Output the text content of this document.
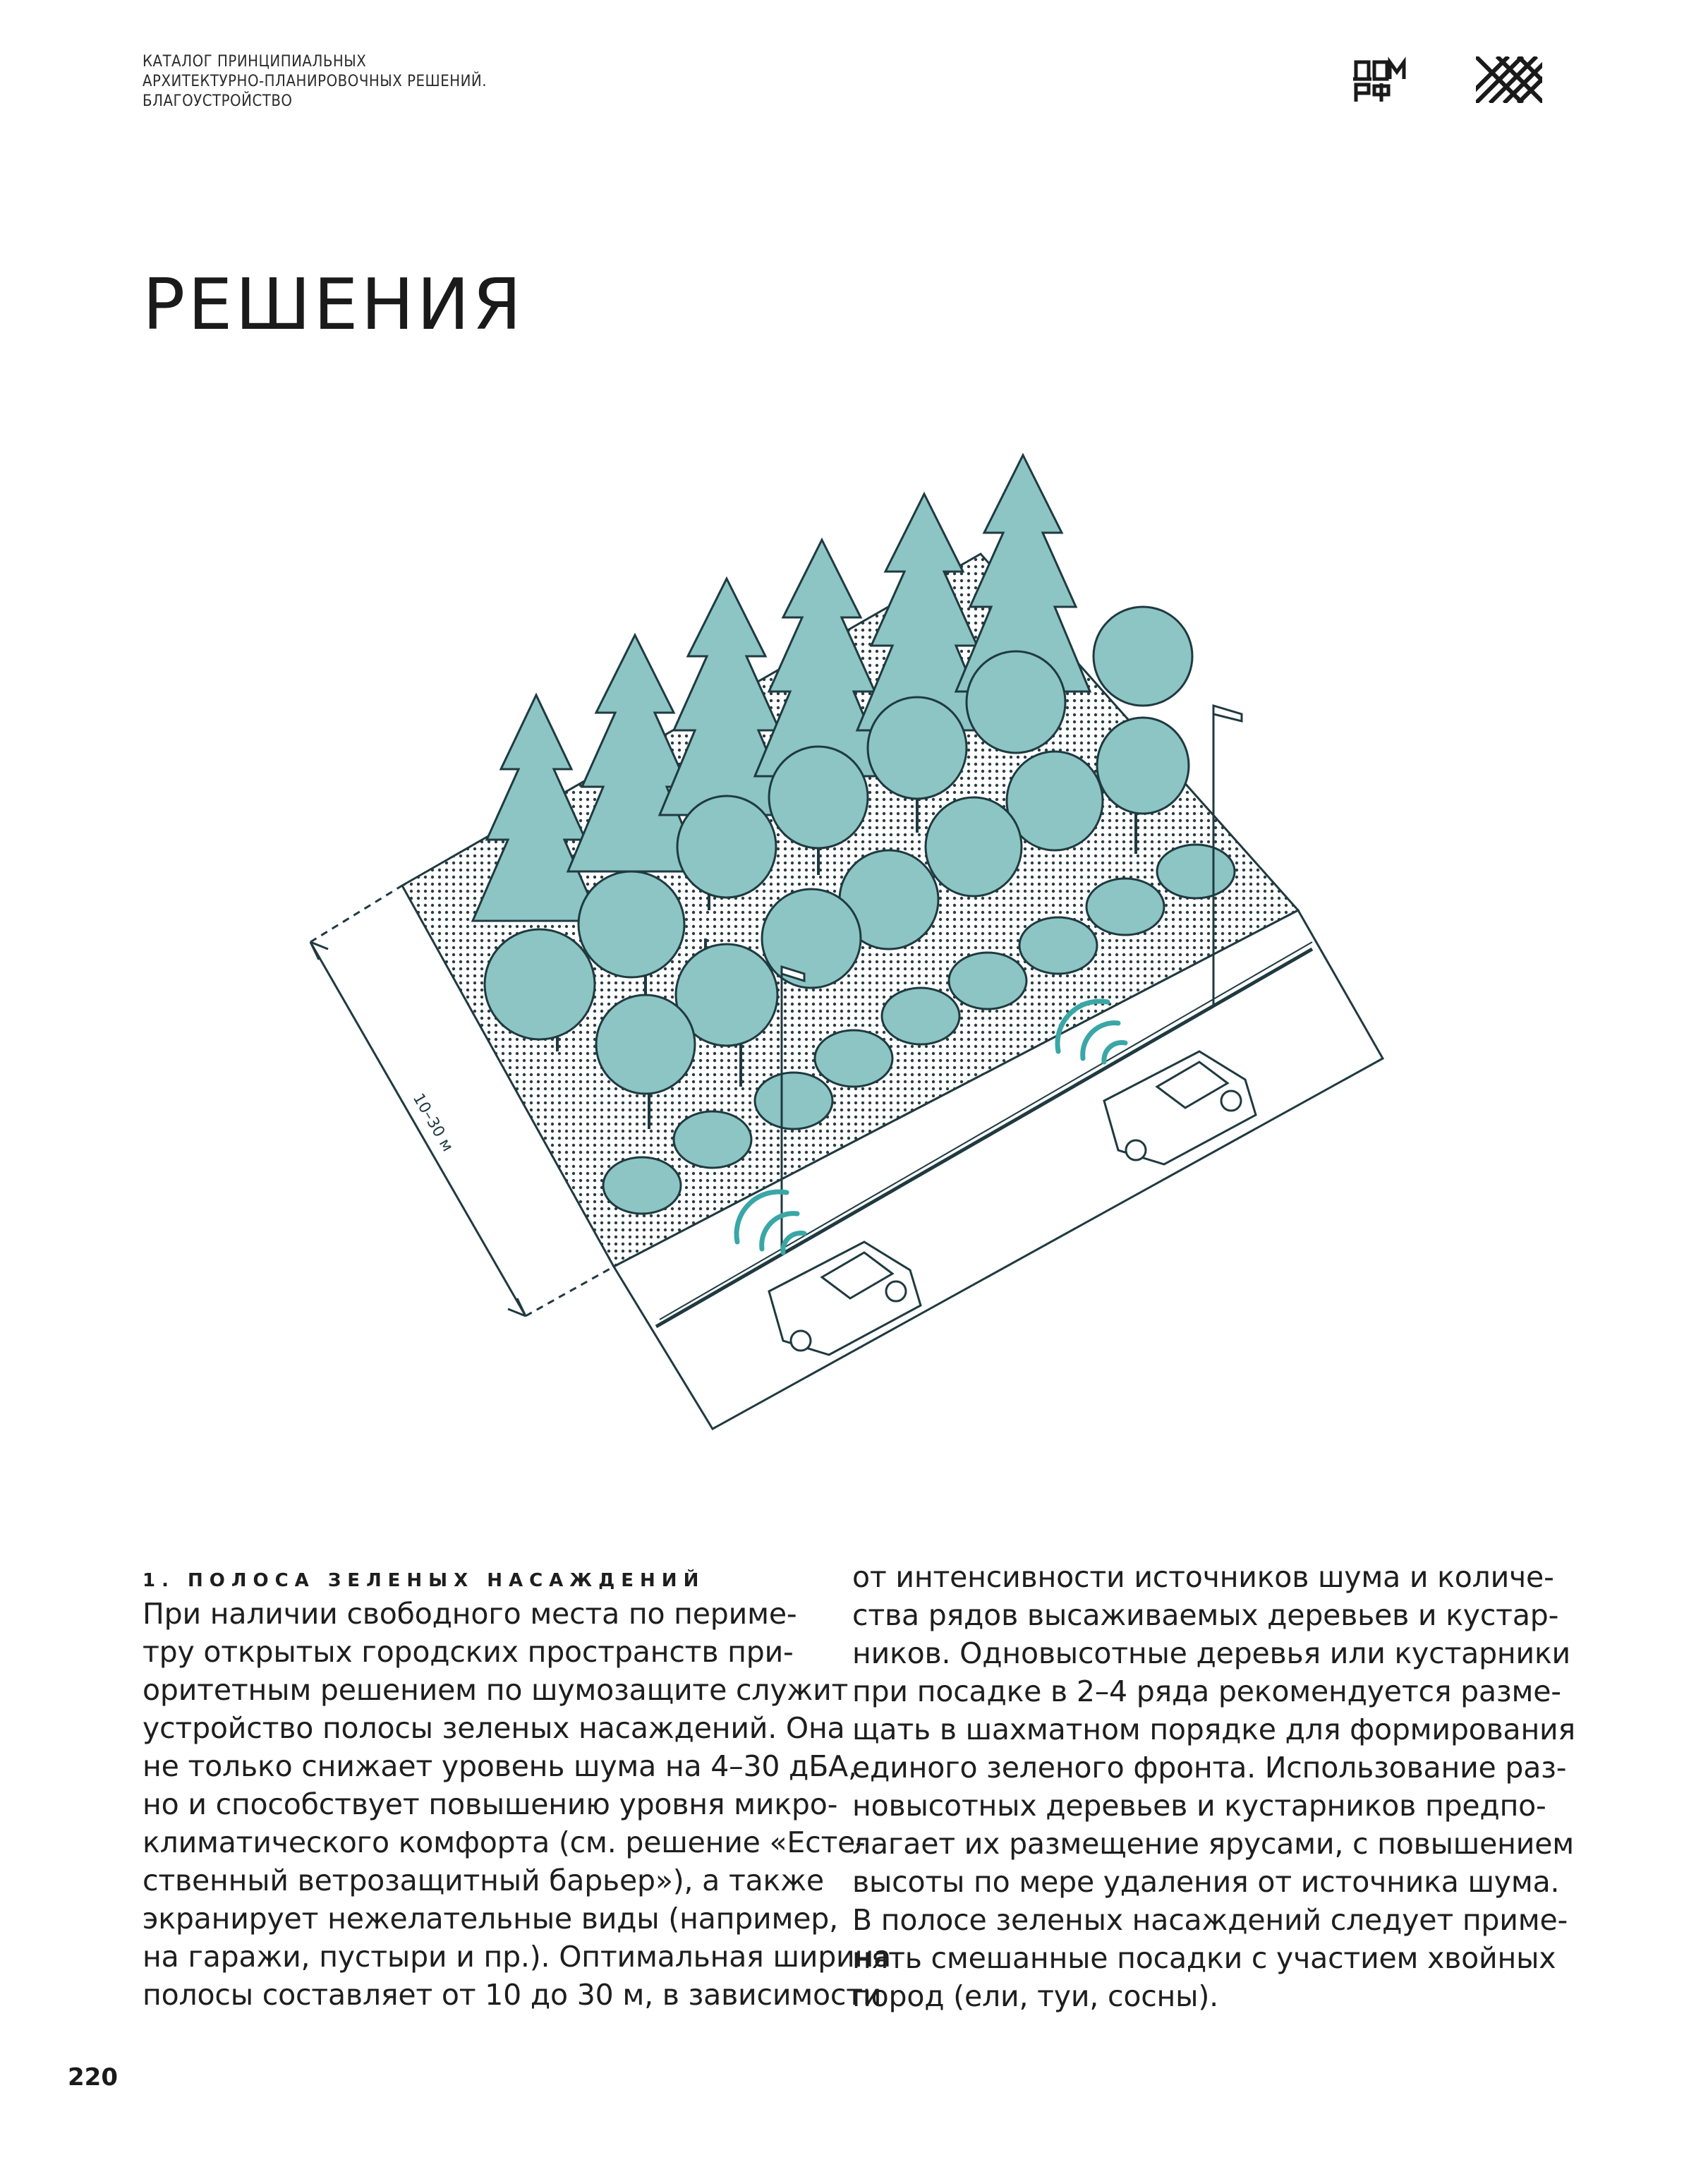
КАТАЛОГ ПРИНЦИПИАЛЬНЫХ
АРХИТЕКТУРНО-ПЛАНИРОВОЧНЫХ РЕШЕНИЙ.
БЛАГОУСТРОЙСТВО
ДОМ РФ
РЕШЕНИЯ
10–30 м
1. ПОЛОСА ЗЕЛЕНЫХ НАСАЖДЕНИЙ
При наличии свободного места по периме-
тру открытых городских пространств при-
оритетным решением по шумозащите служит
устройство полосы зеленых насаждений. Она
не только снижает уровень шума на 4–30 дБА,
но и способствует повышению уровня микро-
климатического комфорта (см. решение «Есте-
ственный ветрозащитный барьер»), а также
экранирует нежелательные виды (например,
на гаражи, пустыри и пр.). Оптимальная ширина
полосы составляет от 10 до 30 м, в зависимости
от интенсивности источников шума и количе-
ства рядов высаживаемых деревьев и кустар-
ников. Одновысотные деревья или кустарники
при посадке в 2–4 ряда рекомендуется разме-
щать в шахматном порядке для формирования
единого зеленого фронта. Использование раз-
новысотных деревьев и кустарников предпо-
лагает их размещение ярусами, с повышением
высоты по мере удаления от источника шума.
В полосе зеленых насаждений следует приме-
нять смешанные посадки с участием хвойных
пород (ели, туи, сосны).
220
